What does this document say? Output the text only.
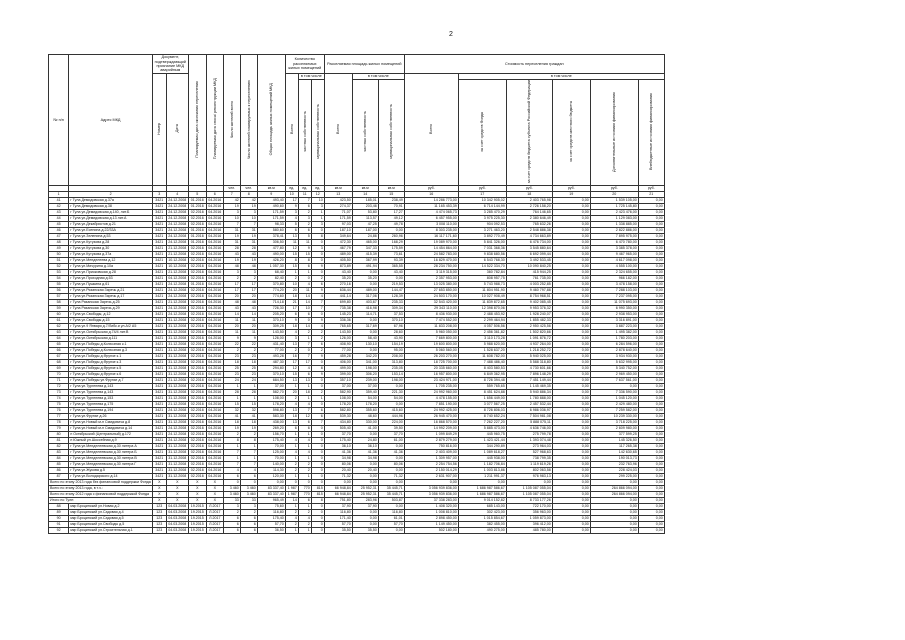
2
№ п/п	Адрес МКД	Документ, подтверждающий признание МКД аварийным		Планируемая дата окончания переселения	Планируемая дата сноса/ реконструкции МКД	Число жителей всего	Число жителей планируемых к переселению	Общая площадь жилых помещений МКД	Количество расселяемых жилых помещений			Расселяемая площадь жилых помещений			Стоимость переселения граждан					
		Номер	Дата						Всего	в том числе		Всего	в том числе		Всего	в том числе				
										частная собственность	муниципальная собственность		частная собственность	муниципальная собственность		за счет средств Фонда	за счет средств бюджета субъекта Российской Федерации	за счет средств местного бюджета	Дополнительные источники финансирования	Внебюджетные источники финансирования
						чел.	чел.	кв.м	ед.	ед.	ед.	кв.м	кв.м	кв.м	руб.	руб.	руб.	руб.	руб.	руб.
1	2	3	4	5	6	7	8	9	10	11	12	13	14	15	16	17	18	19	20	21
41	г Тула Демидовская д.37а	3421	24.12.2008	01.2016	04.2016	42	42	493,40	17	7	10	423,50	185,01	238,49	14 286 773,00	10 342 905,02	2 403 765,98	0,00	1 539 105,00	0,00
42	г Тула Демидовская д.38	3421	24.12.2008	01.2016	04.2016	19	19	490,60	9	6	3	274,37	203,46	70,91	11 165 453,39	6 714 144,99	2 726 158,20	0,00	1 725 145,80	0,00
43	г Тула ул.Демидовская д.140, лит.Б	3421	24.12.2008	02.2016	04.2016	3	3	171,59	3	2	1	71,07	53,80	17,27	4 474 065,73	3 285 470,29	764 146,65	0,00	2 423 476,00	0,00
44	г Тула ул.Демидовская д.13 лит.А	3421	24.12.2008	02.2016	04.2016	10	10	171,59	4	3	1	171,59	113,57	49,12	6 457 955,00	3 975 225,30	2 380 646,49	0,00	1 129 083,00	0,00
45	г Тула ул.Декабристов д.21	3421	24.12.2008	02.2016	04.2016	7	7	98,33	5	2	3	97,03	47,25	49,78	3 008 110,00	904 092,53	765 632,26	0,00	1 338 885,00	0,00
46	г Тула ул.Есенина д.22/33А	3421	24.12.2008	01.2016	04.2016	31	31	580,60	6	6	0	187,10	187,00	0,00	8 303 235,00	3 271 463,20	2 548 886,38	0,00	2 822 886,00	0,00
47	г Тула ул.Зеленина д.53	3421	24.12.2008	01.2016	04.2016	19	19	378,41	13	5	8	349,64	24,86	260,96	16 117 171,60	3 892 770,49	4 734 663,89	0,00	7 895 975,00	0,00
48	г Тула ул.Кутузова д.28	3421	24.12.2008	01.2016	04.2016	31	31	306,50	11	11	0	472,30	465,00	168,29	19 089 970,00	5 841 326,00	6 476 734,00	0,00	6 470 780,00	0,00
49	г Тула ул.Кутузова д.30	3421	21.12.2008	02.2016	04.2016	28	28	477,80	12	9	3	467,79	347,33	175,59	14 454 864,00	7 031 368,36	3 545 880,64	0,00	3 385 378,00	0,00
50	г Тула ул.Кутузова д.37а	3421	21.12.2008	02.2016	04.2016	43	43	490,00	15	15	0	489,00	415,39	73,61	24 582 783,00	9 838 680,56	6 692 099,44	0,00	9 467 965,00	0,00
51	г Тула ул.Менделеева д.12	3421	10.12.2008	02.2016	04.2016	19	19	426,20	8	8	0	405,50	367,99	93,39	16 829 470,00	6 543 768,30	3 492 533,45	0,00	4 617 098,00	0,00
52	г Тула ул.Мичурина д.10а	3421	10.12.2008	02.2016	04.2016	48	48	1 057,30	15	6	9	873,89	491,94	365,55	28 234 750,00	14 522 334,70	10 090 840,25	0,00	4 555 100,00	0,00
53	г Тула ул.Приоковская д.28	3421	21.12.2008	02.2016	04.2016	3	3	68,40	1	1	0	43,40	0,00	43,40	3 119 315,00	360 782,84	415 944,25	0,00	2 324 655,00	0,00
54	г Тула ул.Проходная д.53	3421	04.12.2008	02.2016	04.2016	2	2	82,40	2	0	2	35,20	35,20	0,00	2 357 953,00	808 957,75	761 735,00	0,00	966 182,00	0,00
55	г Тула ул.Пушкина д.61	3421	24.12.2008	01.2016	04.2016	17	17	370,80	10	4	6	270,16	0,00	219,53	13 025 380,00	5 743 988,73	4 003 252,85	0,00	3 478 158,00	0,00
56	г Тула ул.Рязанская Заречь д.21	3421	24.12.2008	02.2016	04.2016	17	17	774,20	20	11	9	636,44	489,00	144,47	27 653 850,00	11 804 951,90	9 460 797,88	0,00	7 288 103,00	0,00
57	г Тула ул.Рязанская Заречь д.17	3421	24.12.2008	02.2016	04.2016	20	20	774,60	18	14	4	441,14	317,06	128,39	24 503 170,00	10 027 908,49	8 754 968,51	0,00	7 237 095,00	0,00
58	г Тула Рязанская Заречь д.25	3421	21.12.2008	02.2016	04.2016	48	48	714,18	21	14	7	699,80	403,67	235,33	32 543 420,00	11 839 872,65	9 402 085,45	0,00	11 075 693,00	0,00
59	г Тула Рязанская Заречь д.29	3421	24.12.2008	02.2016	04.2016	43	43	726,30	17	10	7	735,38	416,98	309,34	29 343 110,00	12 398 870,06	9 953 376,32	0,00	6 990 350,00	0,00
60	г Тула ул.Свободы, д.12	3421	24.12.2008	02.2016	04.2016	14	14	205,20	6	6	0	145,23	114,71	37,53	8 436 930,00	2 488 453,92	1 928 240,07	0,00	2 938 953,00	0,00
61	г Тула ул.Свободы д.15	3421	31.12.2008	02.2016	04.2016	11	11	370,10	9	0	9	336,36	0,00	370,10	7 474 552,00	2 299 464,94	1 855 482,33	0,00	3 316 891,00	0,00
62	г Тула ул.9 Января д.7/Либк.и ул.А/2 А5	3421	31.12.2008	02.2016	04.2016	20	20	309,25	18	14	4	765,65	317,69	67,96	11 833 208,00	4 057 506,56	2 950 425,56	0,00	3 887 223,00	0,00
63	г Тула ул.Октябрьская д.74/4 лит.В	3421	31.12.2008	02.2016	04.2016	11	11	143,50	4	2	2	143,50	0,00	28,60	5 960 050,00	2 456 361,82	1 502 820,66	0,00	1 495 382,00	0,00
64	г Тула ул.Октябрьская д.111	3421	31.12.2008	02.2016	04.2016	9	9	126,00	3	1	2	126,00	58,40	43,90	7 669 800,00	3 110 173,28	1 091 876,72	0,00	1 780 203,00	0,00
65	г Тула ул.Победы д.Колхозная к.1	3421	31.12.2008	02.2016	04.2016	22	22	431,40	13	7	6	408,90	130,10	154,19	19 600 800,00	5 988 620,00	4 937 264,00	0,00	6 284 596,00	0,00
66	г Тула ул.Победы д.Колхозная д.3	3421	31.12.2008	02.2016	04.2016	2	2	77,00	2	0	2	77,00	0,00	95,00	5 060 560,00	1 528 637,20	1 218 252,72	0,00	2 878 640,00	0,00
67	г Тула ул.Победы д.Фрунзе к.1	3421	31.12.2008	02.2016	04.2016	23	23	493,28	16	7	9	459,28	342,20	208,00	26 203 270,00	11 608 782,00	5 940 025,00	0,00	3 934 930,00	0,00
68	г Тула ул.Победы д.Фрунзе к.3	3421	31.12.2008	02.2016	04.2016	18	18	487,30	17	17	0	406,00	341,00	313,80	18 725 700,00	7 488 486,40	5 588 318,80	0,00	5 632 995,00	0,00
69	г Тула ул.Победы д.Фрунзе к.5	3421	31.12.2008	02.2016	04.2016	25	25	294,80	12	4	8	499,00	198,00	235,05	20 335 660,00	8 403 580,53	4 730 601,66	0,00	5 340 752,00	0,00
70	г Тула ул.Победы д.Фрунзе к.6	3421	31.12.2008	02.2016	04.2016	23	23	370,10	15	6	9	399,00	306,20	153,14	16 957 800,00	6 849 362,95	7 896 148,29	0,00	2 969 450,00	0,00
71	г Тула ул.Победы ул.Фрунзе д.7	3421	21.12.2008	02.2016	04.2016	24	24	684,50	13	13	0	357,10	239,00	198,00	23 424 971,00	8 726 394,48	7 451 149,44	0,00	7 637 561,00	0,00
72	г Тула ул.Тургенева д.143	3421	31.12.2008	02.2016	04.2016	1	1	37,00	1	1	0	37,00	37,00	0,00	1 705 235,00	559 765,65	1 145 469,35	0,00	0,00	0,00
73	г Тула ул.Тургенева д.143	3421	31.12.2008	02.2016	04.2016	28	28	582,70	20	18	2	582,90	359,40	221,30	24 992 960,00	8 451 624,88	5 940 886,34	0,00	7 336 590,00	0,00
74	г Тула ул.Тургенева д.153	3421	31.12.2008	02.2016	04.2016	1	1	108,00	2	1	1	108,00	54,00	54,00	4 478 155,00	1 656 449,00	1 780 888,00	0,00	1 045 120,00	0,00
75	г Тула ул.Тургенева д.175	3421	21.12.2008	02.2016	04.2016	15	15	178,20	4	4	0	178,20	178,20	0,00	7 851 190,00	3 077 567,25	2 457 532,44	0,00	2 429 480,00	0,00
76	г Тула ул.Тургенева д.194	3421	24.12.2008	02.2016	04.2016	32	32	598,80	13	7	6	582,80	355,60	415,60	24 992 425,00	8 726 806,03	6 986 036,97	0,00	7 259 582,00	0,00
77	г Тула ул.Фрунзе д.26	3421	31.12.2008	02.2016	04.2016	41	41	583,30	18	12	6	539,30	48,60	444,96	26 945 470,00	8 740 652,24	7 504 981,08	0,00	10 239 330,00	0,00
78	г Тула ул.Новый м-н Смидовича д.8	3421	31.12.2008	02.2016	04.2016	18	18	438,00	13	6	7	434,80	330,00	224,00	16 868 570,00	7 262 227,20	5 888 075,11	0,00	3 718 225,00	0,00
79	г Тула ул.Новый м-н Смидовича д.14	3421	24.12.2008	02.2016	04.2016	19	19	269,20	6	6	0	505,40	41,00	39,50	14 992 209,00	5 885 473,00	4 636 746,00	0,00	2 609 980,00	0,00
80	п Октябрьский (Центральный) д.172	3421	24.12.2008	02.2016	04.2016	2	2	156,70	1	1	0	37,70	0,00	37,70	1 099 849,29	445 960,75	275 799,78	0,00	377 599,25	0,00
81	п Южный ул.Шоссейная д.9	3421	24.12.2008	02.2016	04.2016	8	8	175,40	4	4	0	175,40	24,80	61,00	2 879 279,00	1 423 421,44	1 393 074,48	0,00	145 326,50	0,00
82	г Тула ул.Менделеевская д.30 литера А	3421	31.12.2008	02.2016	04.2016	1	1	70,00	1	1	0	36,10	36,10	0,00	750 816,00	344 290,89	273 964,03	0,00	117 265,38	0,00
83	г Тула ул.Менделеевская д.30 литера Б	3421	31.12.2008	02.2016	04.2016	7	7	125,00	4	4	0	41,36	41,36	41,36	2 403 409,00	1 089 618,27	527 968,63	0,00	142 630,65	0,00
84	г Тула ул.Менделеевская д.30 литера В	3421	31.12.2008	02.2016	04.2016	1	1	70,00	1	1	0	34,98	34,98	0,00	1 309 957,00	445 938,00	738 799,35	0,00	190 013,73	0,00
85	г Тула ул.Менделеевская д.30 литера Г	3421	31.12.2008	02.2016	04.2016	7	7	140,00	2	2	0	80,06	0,00	80,06	2 254 754,56	1 182 706,84	1 119 619,26	0,00	232 763,96	0,00
86	г Тула ул.Жукова д.5	3421	31.12.2008	02.2016	04.2016	4	4	114,30	2	2	0	20,40	20,40	0,00	2 150 014,29	1 003 813,86	802 063,58	0,00	228 424,03	0,00
87	г Тула ул.Володарского д.14	3421	31.12.2008	02.2016	04.2016	6	6	120,00	1	1	0	71,32	0,00	71,32	2 631 907,00	1 211 991,37	976 983,13	0,00	299 225,00	0,00
Всего по этапу 2013 года без финансовой поддержки Фонда		X	X	X	X	0	0	0,00	0	0	0	0,00	0,00	0,00	0,00	0,00	0,00	0,00	0,00	0,00
Всего по этапу 2013 года, в т.ч.:		X	X	X	X	3 460	3 460	83 337,40	1 987	770	815	66 948,84	25 952,31	35 445,71	3 056 939 836,00	1 686 987 586,67	1 105 087 055,04	0,00	264 866 094,00	0,00
Всего по этапу 2012 года с финансовой поддержкой Фонда		X	X	X	X	3 460	3 460	83 337,40	1 987	770	815	66 948,84	25 952,31	35 445,71	3 056 939 836,00	1 686 987 586,67	1 105 087 055,04	0,00	264 866 094,00	0,00
Итого по Туле:		X	X	X	X	33	33	965,49	14	6	8	751,80	283,96	503,87	37 338 283,00	9 014 152,82	8 733 177,26	0,00	0,00	0,00
88	мкр Броцинский ул.Новая д.2	123	04.03.2008	19.2015	Л.2017	3	3	75,60	1	1	0	37,90	37,90	0,00	1 408 320,00	685 143,00	722 170,00	0,00	0,00	0,00
89	мкр Броцинский ул.Садовая д.4	123	04.03.2008	19.2015	Л.2017	2	2	116,80	2	2	0	116,80	0,00	116,80	1 008 810,00	302 423,00	356 963,00	0,00	0,00	0,00
90	мкр Броцинский ул.Садовая д.5	123	04.03.2008	19.2015	Л.2017	6	6	175,40	4	4	0	171,40	0,00	61,01	2 898 450,00	1 015 854,67	1 059 873,00	0,00	0,00	0,00
91	мкр Броцинский ул.Свободы д.5	123	04.03.2008	19.2015	Л.2017	6	6	57,70	2	2	0	57,70	0,00	57,70	1 149 450,00	382 455,00	396 412,00	0,00	0,00	0,00
92	мкр Броцинский ул.Строительная д.1	123	04.03.2008	19.2015	Л.2017	6	6	36,50	1	1	0	35,50	35,50	0,00	502 180,00	490 275,00	485 780,00	0,00	0,00	0,00
